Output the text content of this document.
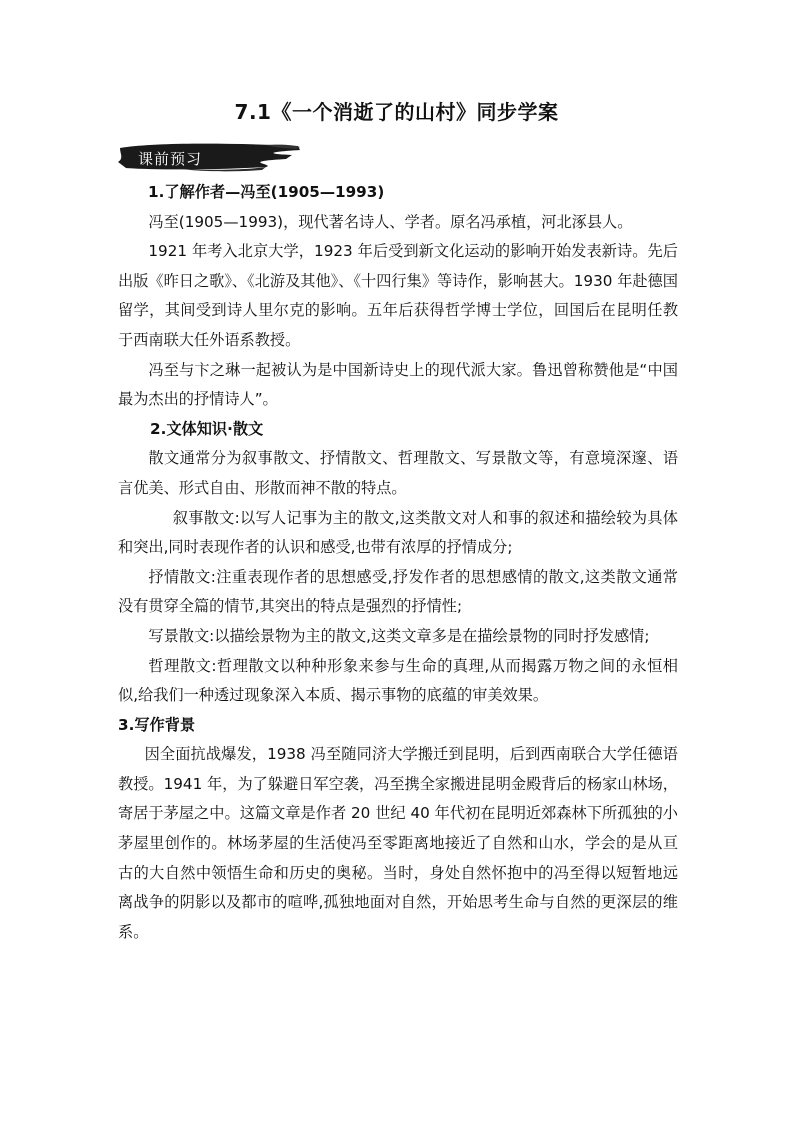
7.1《一个消逝了的山村》同步学案
课前预习

1.了解作者—冯至(1905—1993)

冯至(1905—1993)，现代著名诗人、学者。原名冯承植，河北涿县人。

1921 年考入北京大学，1923 年后受到新文化运动的影响开始发表新诗。先后出版《昨日之歌》、《北游及其他》、《十四行集》等诗作，影响甚大。1930 年赴德国留学，其间受到诗人里尔克的影响。五年后获得哲学博士学位，回国后在昆明任教于西南联大任外语系教授。

冯至与卞之琳一起被认为是中国新诗史上的现代派大家。鲁迅曾称赞他是“中国最为杰出的抒情诗人”。

2.文体知识·散文

散文通常分为叙事散文、抒情散文、哲理散文、写景散文等，有意境深邃、语言优美、形式自由、形散而神不散的特点。

叙事散文:以写人记事为主的散文,这类散文对人和事的叙述和描绘较为具体和突出,同时表现作者的认识和感受,也带有浓厚的抒情成分;

抒情散文:注重表现作者的思想感受,抒发作者的思想感情的散文,这类散文通常没有贯穿全篇的情节,其突出的特点是强烈的抒情性;

写景散文:以描绘景物为主的散文,这类文章多是在描绘景物的同时抒发感情;

哲理散文:哲理散文以种种形象来参与生命的真理,从而揭露万物之间的永恒相似,给我们一种透过现象深入本质、揭示事物的底蕴的审美效果。

3.写作背景

因全面抗战爆发，1938 冯至随同济大学搬迁到昆明，后到西南联合大学任德语教授。1941 年，为了躲避日军空袭，冯至携全家搬进昆明金殿背后的杨家山林场，寄居于茅屋之中。这篇文章是作者 20 世纪 40 年代初在昆明近郊森林下所孤独的小茅屋里创作的。林场茅屋的生活使冯至零距离地接近了自然和山水，学会的是从亘古的大自然中领悟生命和历史的奥秘。当时，身处自然怀抱中的冯至得以短暂地远离战争的阴影以及都市的喧哗,孤独地面对自然，开始思考生命与自然的更深层的维系。
